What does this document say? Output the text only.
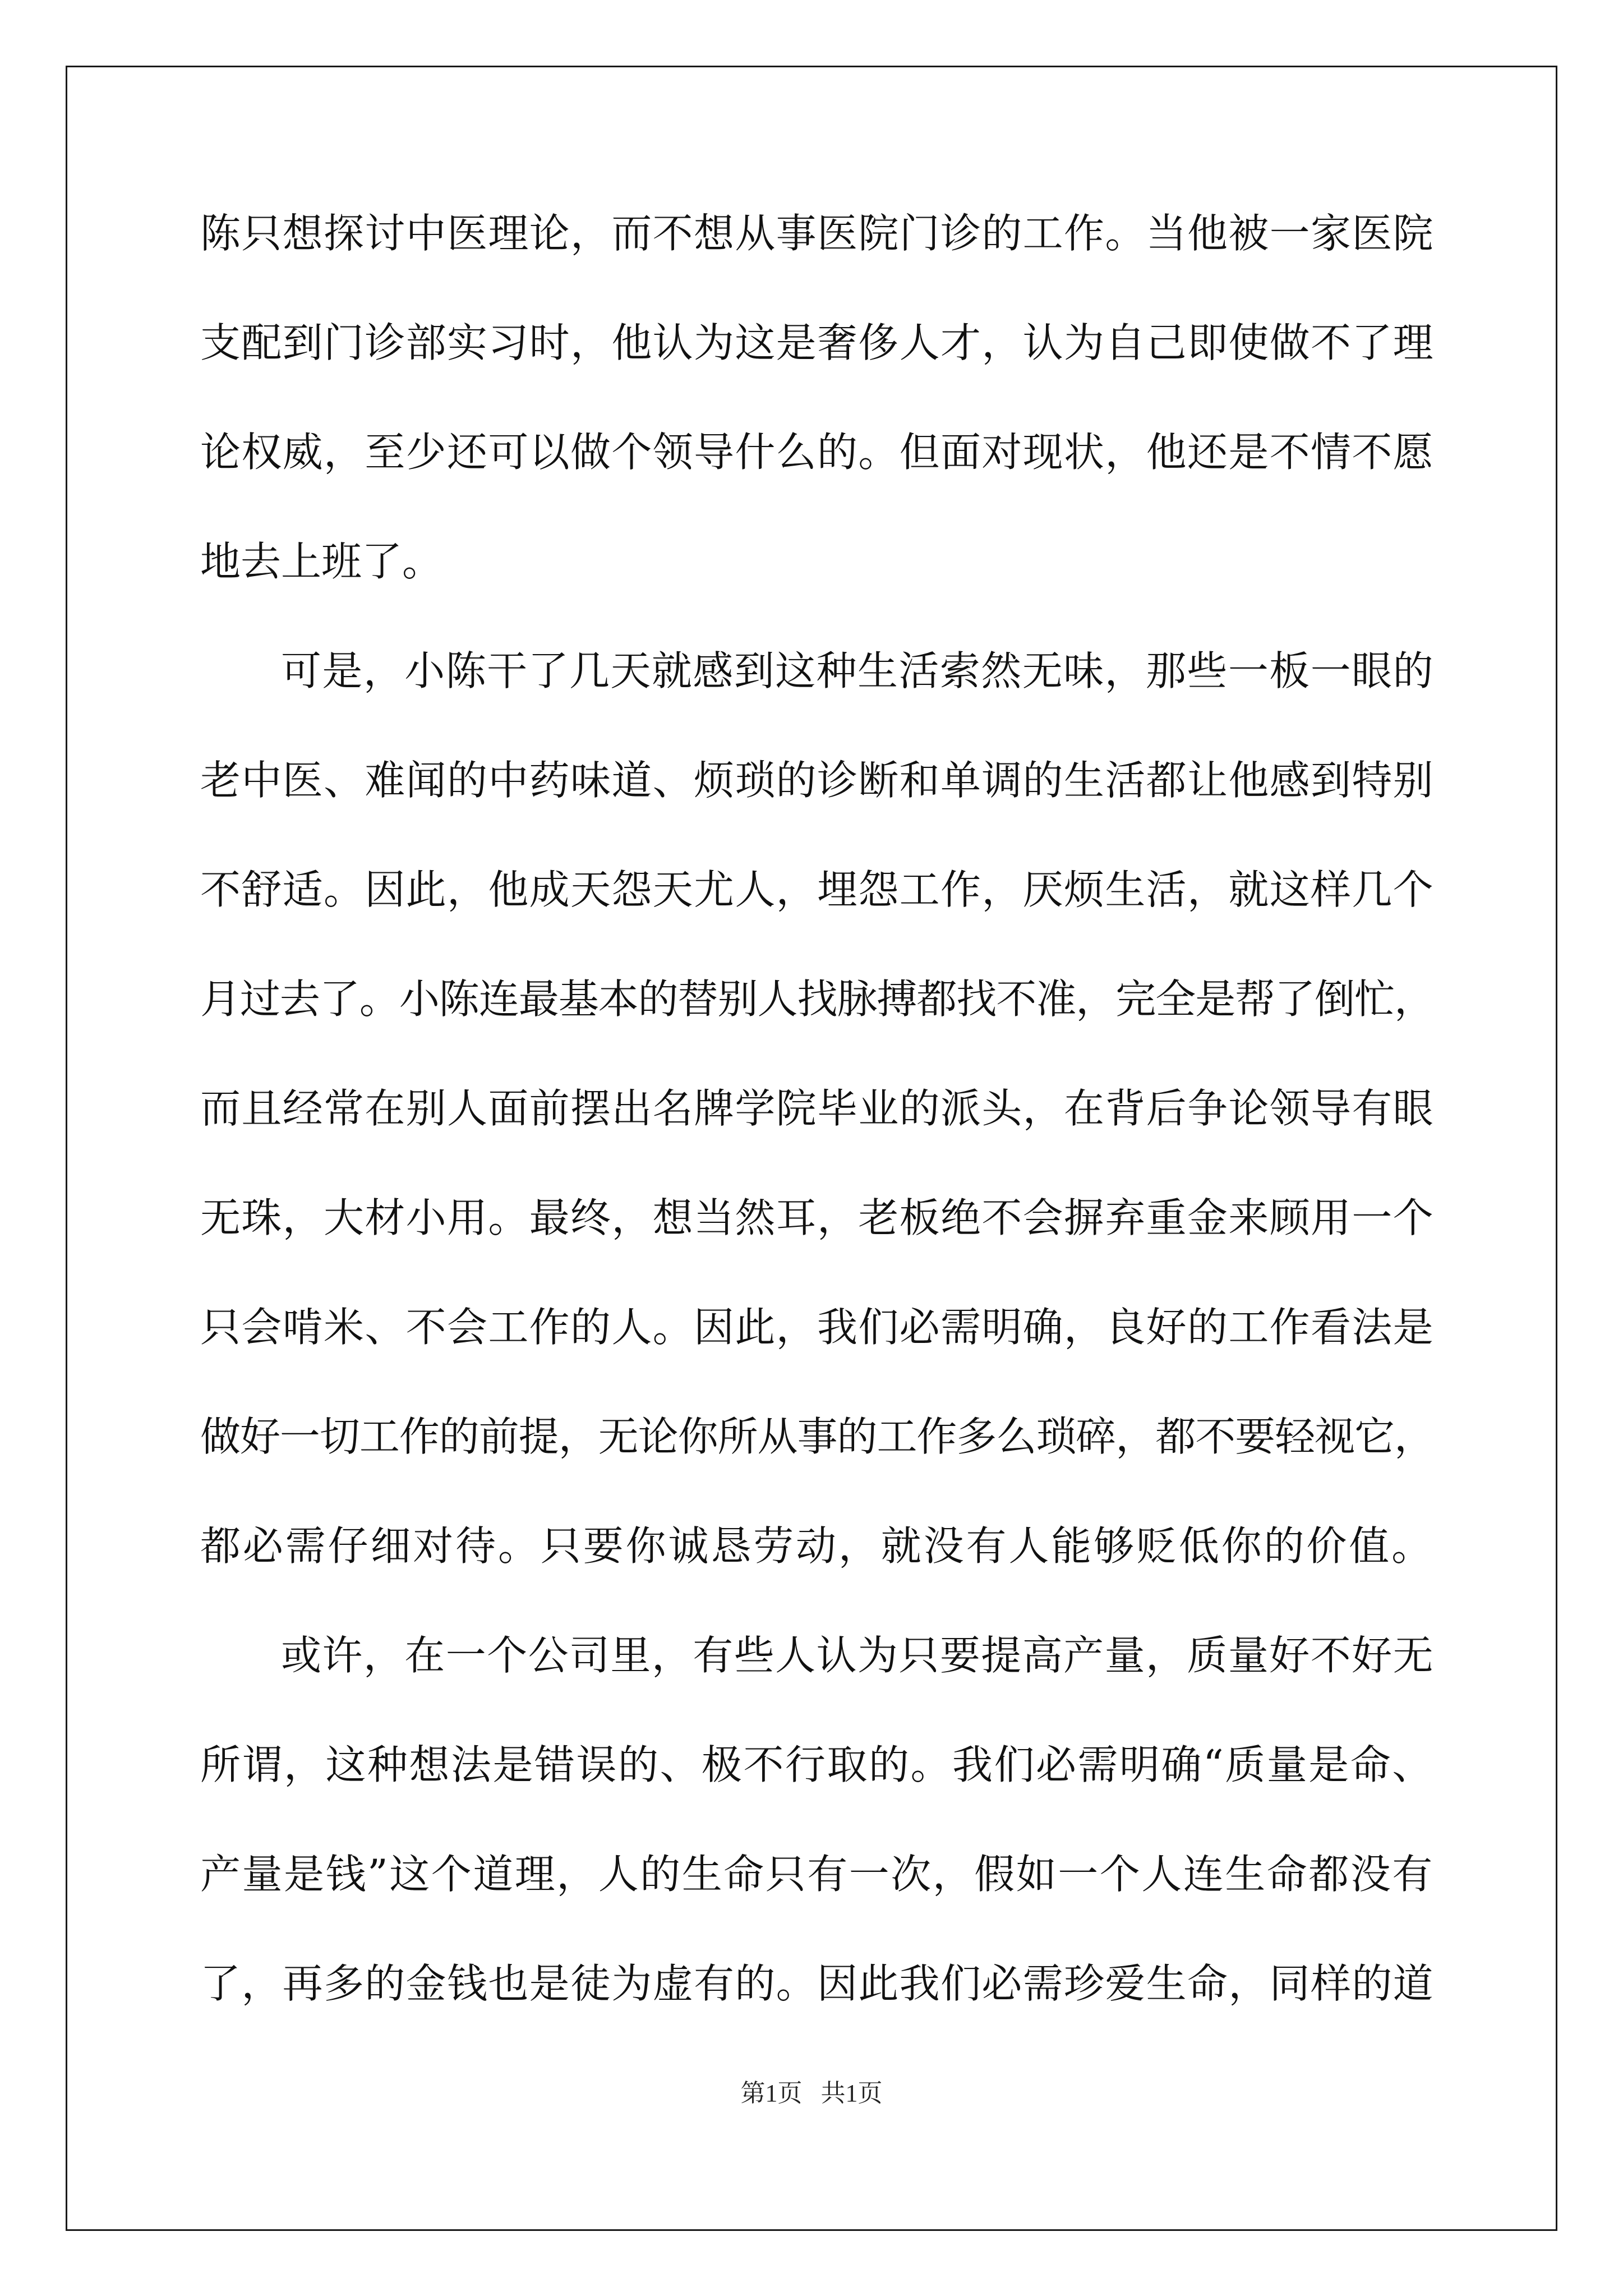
陈只想探讨中医理论，而不想从事医院门诊的工作。当他被一家医院
支配到门诊部实习时，他认为这是奢侈人才，认为自己即使做不了理
论权威，至少还可以做个领导什么的。但面对现状，他还是不情不愿
地去上班了。
可是，小陈干了几天就感到这种生活索然无味，那些一板一眼的
老中医、难闻的中药味道、烦琐的诊断和单调的生活都让他感到特别
不舒适。因此，他成天怨天尤人，埋怨工作，厌烦生活，就这样几个
月过去了。小陈连最基本的替别人找脉搏都找不准，完全是帮了倒忙，
而且经常在别人面前摆出名牌学院毕业的派头，在背后争论领导有眼
无珠，大材小用。最终，想当然耳，老板绝不会摒弃重金来顾用一个
只会啃米、不会工作的人。因此，我们必需明确，良好的工作看法是
做好一切工作的前提，无论你所从事的工作多么琐碎，都不要轻视它，
都必需仔细对待。只要你诚恳劳动，就没有人能够贬低你的价值。
或许，在一个公司里，有些人认为只要提高产量，质量好不好无
所谓，这种想法是错误的、极不行取的。我们必需明确“质量是命、
产量是钱”这个道理，人的生命只有一次，假如一个人连生命都没有
了，再多的金钱也是徒为虚有的。因此我们必需珍爱生命，同样的道
第1页   共1页
